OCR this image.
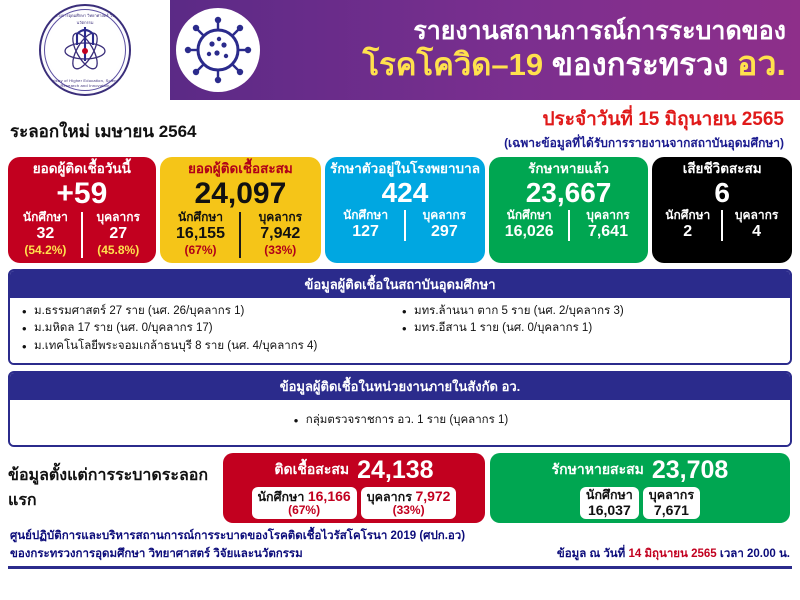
กระทรวงการอุดมศึกษา วิทยาศาสตร์ วิจัยและนวัตกรรม
Ministry of Higher Education, Science, Research and Innovation
รายงานสถานการณ์การระบาดของ
โรคโควิด–19 ของกระทรวง อว.
ระลอกใหม่ เมษายน 2564
ประจำวันที่ 15 มิถุนายน 2565
(เฉพาะข้อมูลที่ได้รับการรายงานจากสถาบันอุดมศึกษา)
ยอดผู้ติดเชื้อวันนี้
+59
นักศึกษา
32
(54.2%)
บุคลากร
27
(45.8%)
ยอดผู้ติดเชื้อสะสม
24,097
นักศึกษา
16,155
(67%)
บุคลากร
7,942
(33%)
รักษาตัวอยู่ในโรงพยาบาล
424
นักศึกษา
127
บุคลากร
297
รักษาหายแล้ว
23,667
นักศึกษา
16,026
บุคลากร
7,641
เสียชีวิตสะสม
6
นักศึกษา
2
บุคลากร
4
ข้อมูลผู้ติดเชื้อในสถาบันอุดมศึกษา
• ม.ธรรมศาสตร์ 27 ราย (นศ. 26/บุคลากร 1)
• ม.มหิดล 17 ราย (นศ. 0/บุคลากร 17)
• ม.เทคโนโลยีพระจอมเกล้าธนบุรี 8 ราย (นศ. 4/บุคลากร 4)
• มทร.ล้านนา ตาก 5 ราย (นศ. 2/บุคลากร 3)
• มทร.อีสาน 1 ราย (นศ. 0/บุคลากร 1)
ข้อมูลผู้ติดเชื้อในหน่วยงานภายในสังกัด อว.
• กลุ่มตรวจราชการ อว. 1 ราย (บุคลากร 1)
ข้อมูลตั้งแต่การระบาดระลอกแรก
ติดเชื้อสะสม 24,138
นักศึกษา 16,166
(67%)
บุคลากร 7,972
(33%)
รักษาหายสะสม 23,708
นักศึกษา
16,037
บุคลากร
7,671
ศูนย์ปฏิบัติการและบริหารสถานการณ์การระบาดของโรคติดเชื้อไวรัสโคโรนา 2019 (ศปก.อว)
ของกระทรวงการอุดมศึกษา วิทยาศาสตร์ วิจัยและนวัตกรรม	ข้อมูล ณ วันที่ 14 มิถุนายน 2565 เวลา 20.00 น.
